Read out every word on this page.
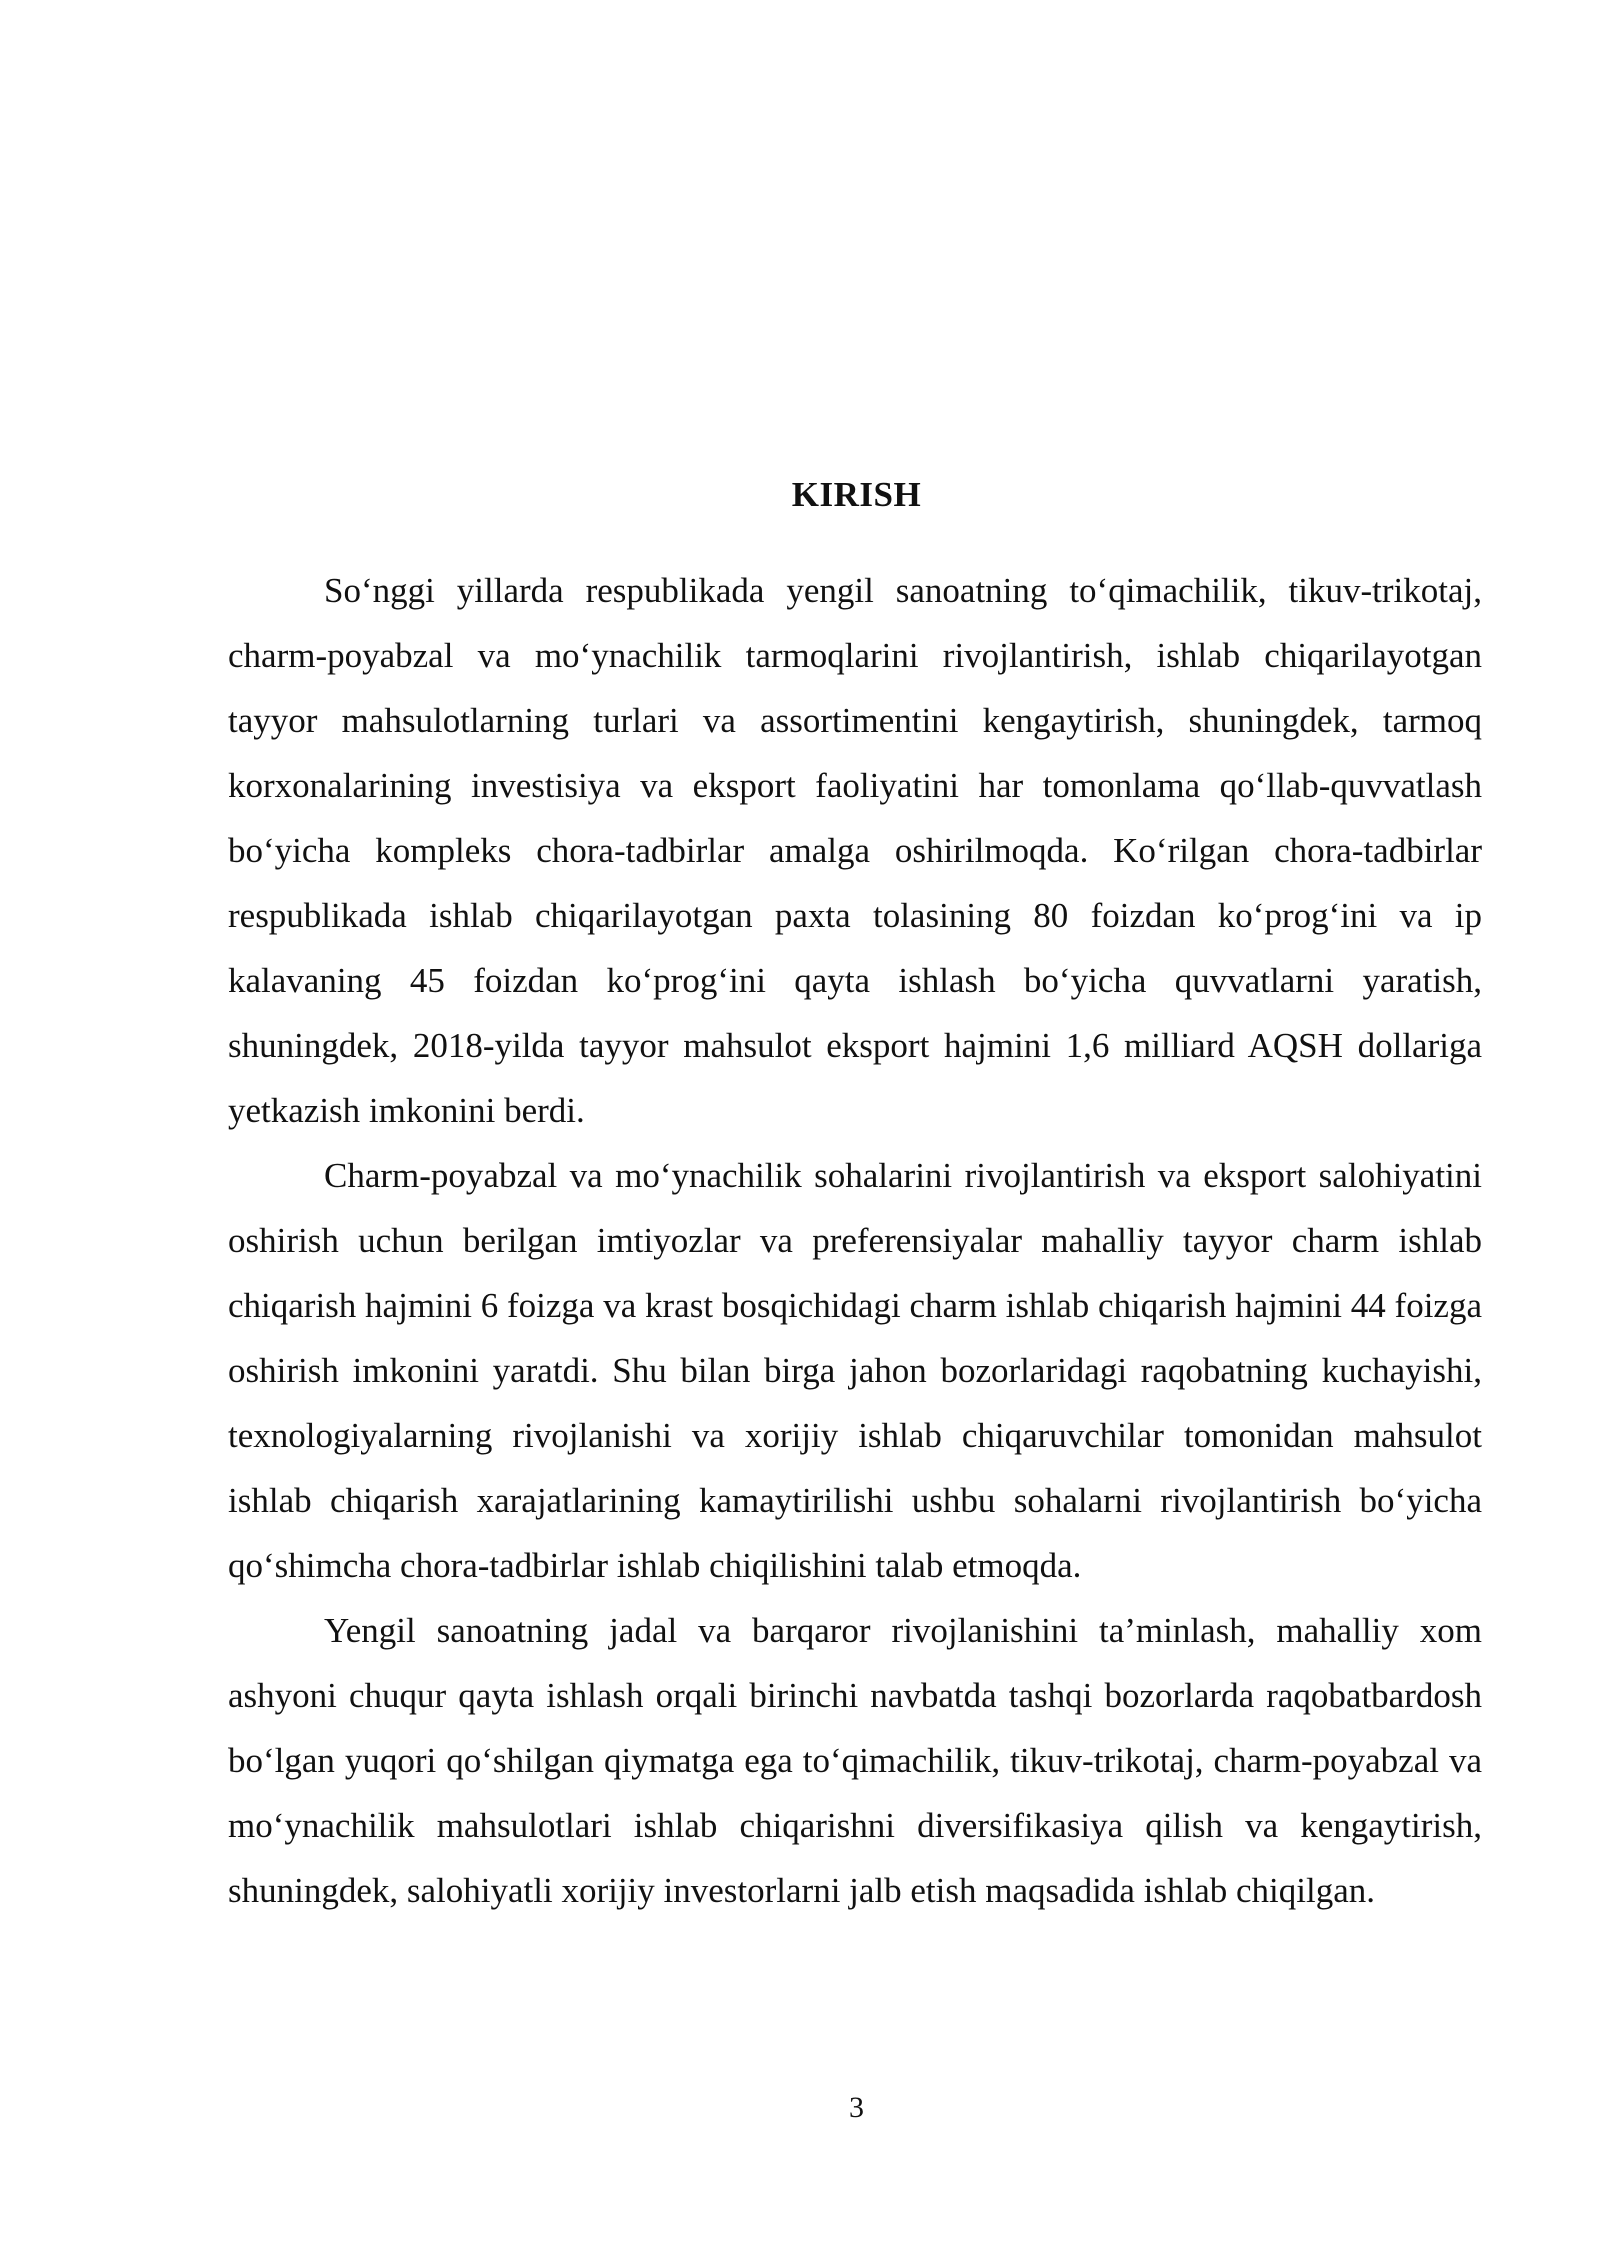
KIRISH

So‘nggi yillarda respublikada yengil sanoatning to‘qimachilik, tikuv-trikotaj, charm-poyabzal va mo‘ynachilik tarmoqlarini rivojlantirish, ishlab chiqarilayotgan tayyor mahsulotlarning turlari va assortimentini kengaytirish, shuningdek, tarmoq korxonalarining investisiya va eksport faoliyatini har tomonlama qo‘llab-quvvatlash bo‘yicha kompleks chora-tadbirlar amalga oshirilmoqda. Ko‘rilgan chora-tadbirlar respublikada ishlab chiqarilayotgan paxta tolasining 80 foizdan ko‘prog‘ini va ip kalavaning 45 foizdan ko‘prog‘ini qayta ishlash bo‘yicha quvvatlarni yaratish, shuningdek, 2018-yilda tayyor mahsulot eksport hajmini 1,6 milliard AQSH dollariga yetkazish imkonini berdi.

Charm-poyabzal va mo‘ynachilik sohalarini rivojlantirish va eksport salohiyatini oshirish uchun berilgan imtiyozlar va preferensiyalar mahalliy tayyor charm ishlab chiqarish hajmini 6 foizga va krast bosqichidagi charm ishlab chiqarish hajmini 44 foizga oshirish imkonini yaratdi. Shu bilan birga jahon bozorlaridagi raqobatning kuchayishi, texnologiyalarning rivojlanishi va xorijiy ishlab chiqaruvchilar tomonidan mahsulot ishlab chiqarish xarajatlarining kamaytirilishi ushbu sohalarni rivojlantirish bo‘yicha qo‘shimcha chora-tadbirlar ishlab chiqilishini talab etmoqda.

Yengil sanoatning jadal va barqaror rivojlanishini ta’minlash, mahalliy xom ashyoni chuqur qayta ishlash orqali birinchi navbatda tashqi bozorlarda raqobatbardosh bo‘lgan yuqori qo‘shilgan qiymatga ega to‘qimachilik, tikuv-trikotaj, charm-poyabzal va mo‘ynachilik mahsulotlari ishlab chiqarishni diversifikasiya qilish va kengaytirish, shuningdek, salohiyatli xorijiy investorlarni jalb etish maqsadida ishlab chiqilgan.

3
